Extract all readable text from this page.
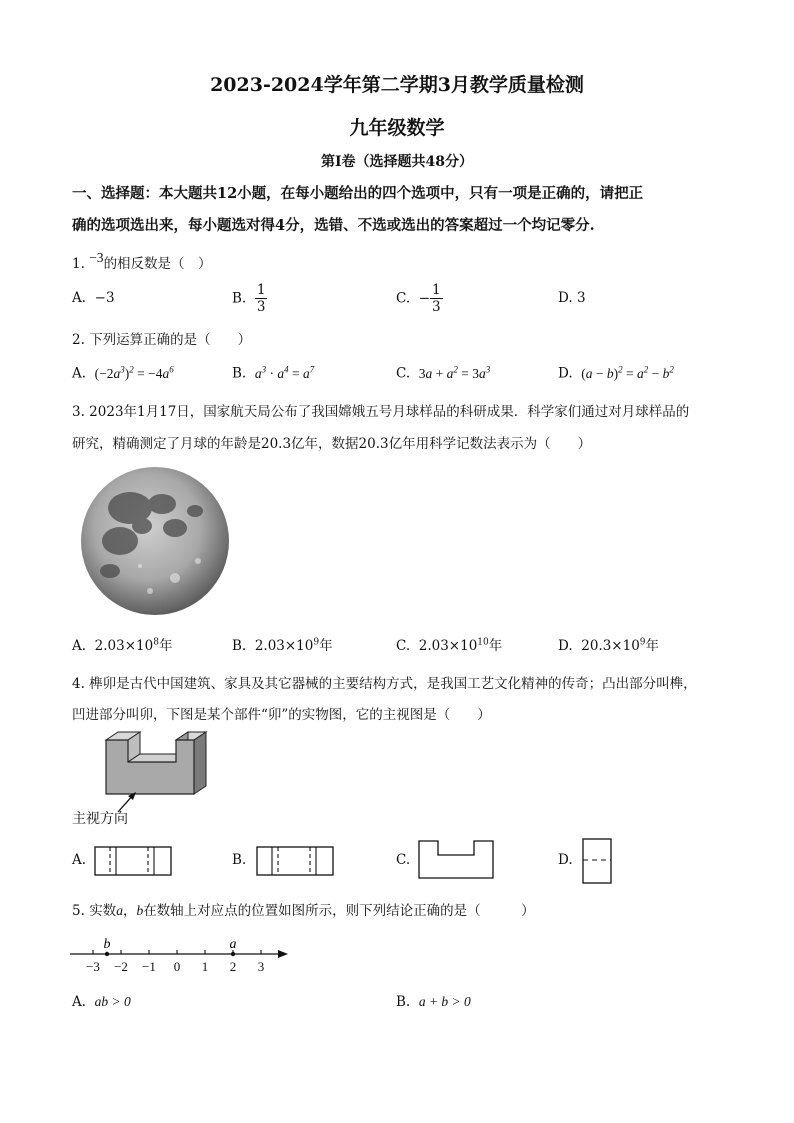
2023-2024学年第二学期3月教学质量检测
九年级数学
第Ⅰ卷（选择题共48分）
一、选择题：本大题共12小题，在每小题给出的四个选项中，只有一项是正确的，请把正
确的选项选出来，每小题选对得4分，选错、不选或选出的答案超过一个均记零分.
1. −3的相反数是（　）
A. −3	B. $\frac{1}{3}$	C. − $\frac{1}{3}$	D. 3
2. 下列运算正确的是（　　）
A. $(-2a^3)^2 = -4a^6$	B. $a^3 \cdot a^4 = a^7$	C. $3a + a^2 = 3a^3$	D. $(a - b)^2 = a^2 - b^2$
3. 2023年1月17日，国家航天局公布了我国嫦娥五号月球样品的科研成果．科学家们通过对月球样品的
研究，精确测定了月球的年龄是20.3亿年，数据20.3亿年用科学记数法表示为（　　）
A. $2.03\times 10^8$年	B. $2.03\times 10^9$年	C. $2.03\times 10^{10}$年	D. $20.3\times 10^9$年
4. 榫卯是古代中国建筑、家具及其它器械的主要结构方式，是我国工艺文化精神的传奇；凸出部分叫榫，
凹进部分叫卯，下图是某个部件“卯”的实物图，它的主视图是（　　）
主视方向
A.	B.	C.	D.
5. 实数a，b在数轴上对应点的位置如图所示，则下列结论正确的是（　　　）
−3 −2 −1 0 1 2 3
b	a
A. ab > 0	B. a + b > 0
